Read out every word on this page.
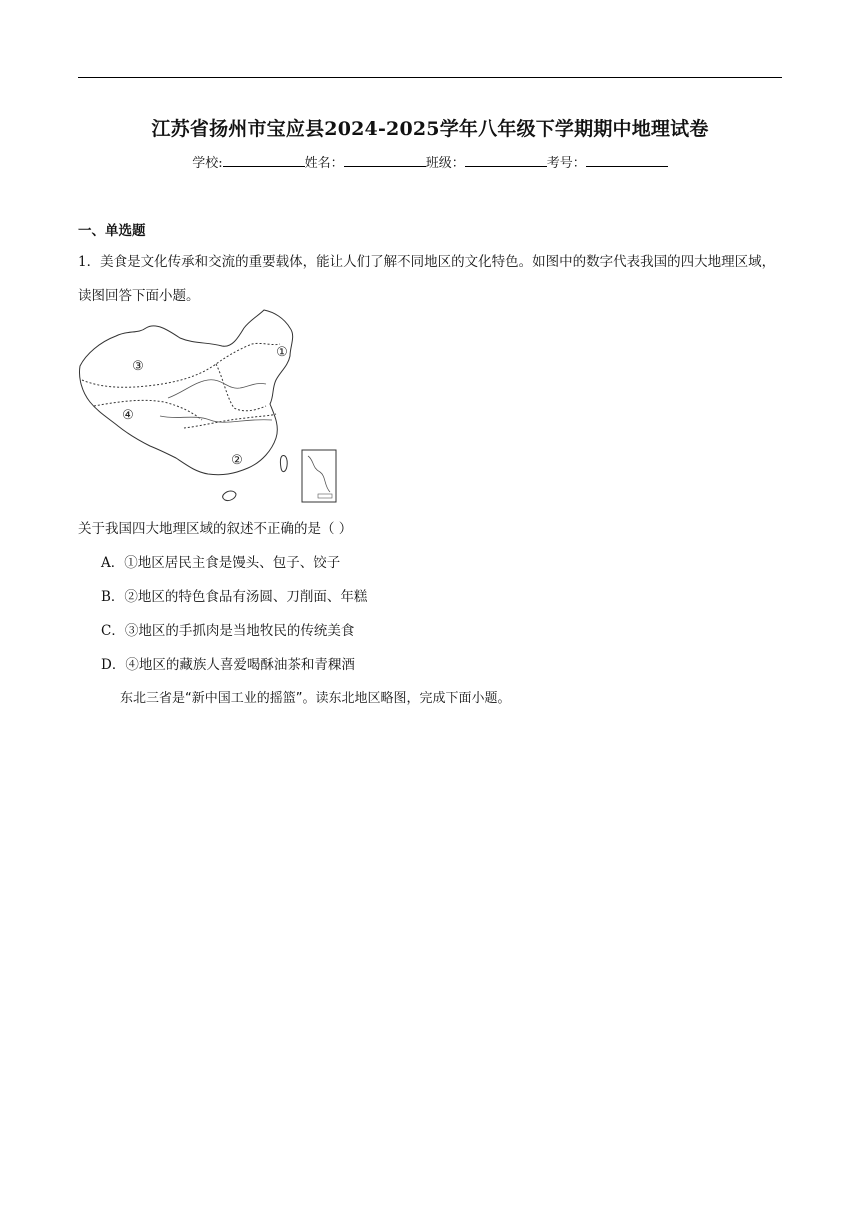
江苏省扬州市宝应县2024-2025学年八年级下学期期中地理试卷
学校:	姓名：	班级：	考号：
一、单选题
1．美食是文化传承和交流的重要载体，能让人们了解不同地区的文化特色。如图中的数字代表我国的四大地理区域，读图回答下面小题。
①
②
③
④
关于我国四大地理区域的叙述不正确的是（ ）
A．①地区居民主食是馒头、包子、饺子
B．②地区的特色食品有汤圆、刀削面、年糕
C．③地区的手抓肉是当地牧民的传统美食
D．④地区的藏族人喜爱喝酥油茶和青稞酒
东北三省是“新中国工业的摇篮”。读东北地区略图，完成下面小题。
